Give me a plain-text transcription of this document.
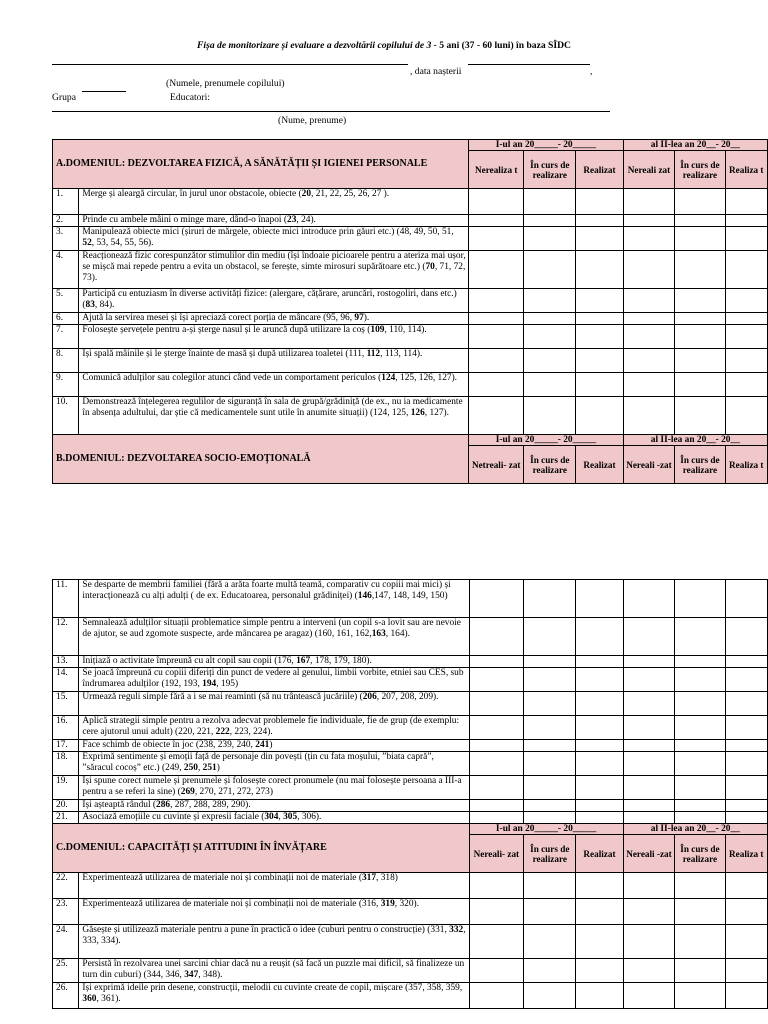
Fișa de monitorizare și evaluare a dezvoltării copilului de 3 - 5 ani (37 - 60 luni) în baza SÎDC
, data nașterii	,
(Numele, prenumele copilului)
Grupa	Educatori:
(Nume, prenume)
A.DOMENIUL: DEZVOLTAREA FIZICĂ, A SĂNĂTĂȚII ȘI IGIENEI PERSONALE		I-ul an 20_____- 20_____			al II-lea an 20__- 20__		
		Nerealiza t	În curs de realizare	Realizat	Nereali zat	În curs de realizare	Realiza t
1.	Merge și aleargă circular, în jurul unor obstacole, obiecte (20, 21, 22, 25, 26, 27 ).						
2.	Prinde cu ambele mâini o minge mare, dând-o înapoi (23, 24).						
3.	Manipulează obiecte mici (șiruri de mărgele, obiecte mici introduce prin găuri etc.) (48, 49, 50, 51, 52, 53, 54, 55, 56).						
4.	Reacționează fizic corespunzător stimulilor din mediu (își îndoaie picioarele pentru a ateriza mai ușor, se mișcă mai repede pentru a evita un obstacol, se ferește, simte mirosuri supărătoare etc.) (70, 71, 72, 73).						
5.	Participă cu entuziasm în diverse activități fizice: (alergare, cățărare, aruncări, rostogoliri, dans etc.) (83, 84).						
6.	Ajută la servirea mesei și își apreciază corect porția de mâncare (95, 96, 97).						
7.	Folosește șervețele pentru a-și șterge nasul și le aruncă după utilizare la coș (109, 110, 114).						
8.	Își spală mâinile și le șterge înainte de masă și după utilizarea toaletei (111, 112, 113, 114).						
9.	Comunică adulților sau colegilor atunci când vede un comportament periculos (124, 125, 126, 127).						
10.	Demonstrează înțelegerea regulilor de siguranță în sala de grupă/grădiniță (de ex., nu ia medicamente în absența adultului, dar știe că medicamentele sunt utile în anumite situații) (124, 125, 126, 127).						
B.DOMENIUL: DEZVOLTAREA SOCIO-EMOȚIONALĂ		I-ul an 20_____- 20_____			al II-lea an 20__- 20__		
		Netreali- zat	În curs de realizare	Realizat	Nereali -zat	În curs de realizare	Realiza t
11.	Se desparte de membrii familiei (fără a arăta foarte multă teamă, comparativ cu copiii mai mici) și interacționează cu alți adulți ( de ex. Educatoarea, personalul grădiniței) (146,147, 148, 149, 150)						
12.	Semnalează adulților situații problematice simple pentru a interveni (un copil s-a lovit sau are nevoie de ajutor, se aud zgomote suspecte, arde mâncarea pe aragaz) (160, 161, 162,163, 164).						
13.	Inițiază o activitate împreună cu alt copil sau copii (176, 167, 178, 179, 180).						
14.	Se joacă împreună cu copiii diferiți din punct de vedere al genului, limbii vorbite, etniei sau CES, sub îndrumarea adulților (192, 193, 194, 195)						
15.	Urmează reguli simple fără a i se mai reaminti (să nu trântească jucăriile) (206, 207, 208, 209).						
16.	Aplică strategii simple pentru a rezolva adecvat problemele fie individuale, fie de grup (de exemplu: cere ajutorul unui adult) (220, 221, 222, 223, 224).						
17.	Face schimb de obiecte în joc (238, 239, 240, 241)						
18.	Exprimă sentimente și emoții față de personaje din povești (țin cu fata moșului, ”biata capră”, ”săracul cocoș” etc.) (249, 250, 251)						
19.	Își spune corect numele și prenumele și folosește corect pronumele (nu mai folosește persoana a III-a pentru a se referi la sine) (269, 270, 271, 272, 273)						
20.	Își așteaptă rândul (286, 287, 288, 289, 290).						
21.	Asociază emoțiile cu cuvinte și expresii faciale (304, 305, 306).						
C.DOMENIUL: CAPACITĂȚI ȘI ATITUDINI ÎN ÎNVĂȚARE		I-ul an 20_____- 20_____			al II-lea an 20__- 20__		
		Nereali- zat	În curs de realizare	Realizat	Nereali -zat	În curs de realizare	Realiza t
22.	Experimentează utilizarea de materiale noi și combinații noi de materiale (317, 318)						
23.	Experimentează utilizarea de materiale noi și combinații noi de materiale (316, 319, 320).						
24.	Găsește și utilizează materiale pentru a pune în practică o idee (cuburi pentru o construcție) (331, 332, 333, 334).						
25.	Persistă în rezolvarea unei sarcini chiar dacă nu a reușit (să facă un puzzle mai dificil, să finalizeze un turn din cuburi) (344, 346, 347, 348).						
26.	Își exprimă ideile prin desene, construcții, melodii cu cuvinte create de copil, mișcare (357, 358, 359, 360, 361).						
